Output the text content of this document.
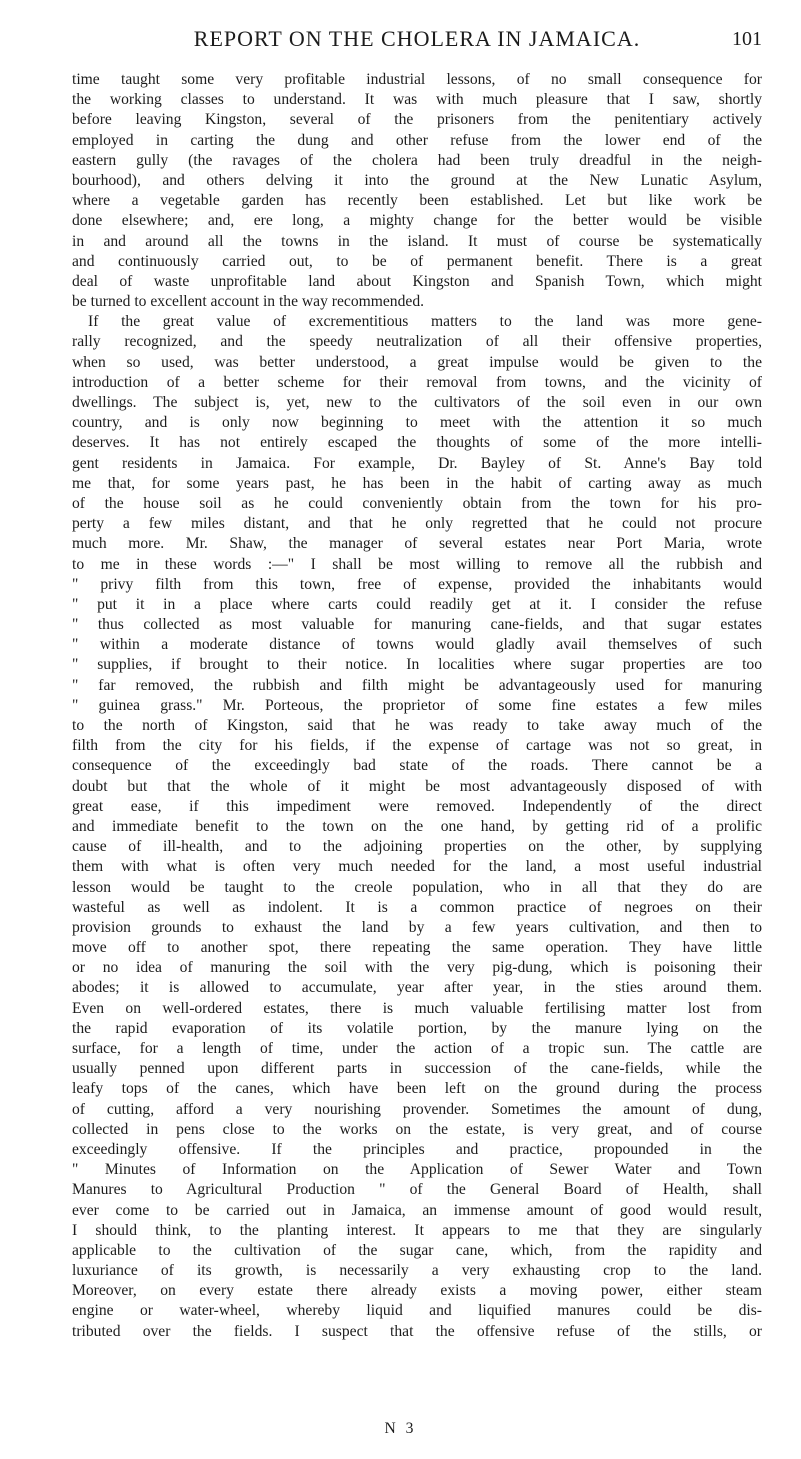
REPORT ON THE CHOLERA IN JAMAICA.	101
time taught some very profitable industrial lessons, of no small consequence for
the working classes to understand. It was with much pleasure that I saw, shortly
before leaving Kingston, several of the prisoners from the penitentiary actively
employed in carting the dung and other refuse from the lower end of the
eastern gully (the ravages of the cholera had been truly dreadful in the neigh-
bourhood), and others delving it into the ground at the New Lunatic Asylum,
where a vegetable garden has recently been established. Let but like work be
done elsewhere; and, ere long, a mighty change for the better would be visible
in and around all the towns in the island. It must of course be systematically
and continuously carried out, to be of permanent benefit. There is a great
deal of waste unprofitable land about Kingston and Spanish Town, which might
be turned to excellent account in the way recommended.
If the great value of excrementitious matters to the land was more gene-
rally recognized, and the speedy neutralization of all their offensive properties,
when so used, was better understood, a great impulse would be given to the
introduction of a better scheme for their removal from towns, and the vicinity of
dwellings. The subject is, yet, new to the cultivators of the soil even in our own
country, and is only now beginning to meet with the attention it so much
deserves. It has not entirely escaped the thoughts of some of the more intelli-
gent residents in Jamaica. For example, Dr. Bayley of St. Anne's Bay told
me that, for some years past, he has been in the habit of carting away as much
of the house soil as he could conveniently obtain from the town for his pro-
perty a few miles distant, and that he only regretted that he could not procure
much more. Mr. Shaw, the manager of several estates near Port Maria, wrote
to me in these words :—" I shall be most willing to remove all the rubbish and
" privy filth from this town, free of expense, provided the inhabitants would
" put it in a place where carts could readily get at it. I consider the refuse
" thus collected as most valuable for manuring cane-fields, and that sugar estates
" within a moderate distance of towns would gladly avail themselves of such
" supplies, if brought to their notice. In localities where sugar properties are too
" far removed, the rubbish and filth might be advantageously used for manuring
" guinea grass." Mr. Porteous, the proprietor of some fine estates a few miles
to the north of Kingston, said that he was ready to take away much of the
filth from the city for his fields, if the expense of cartage was not so great, in
consequence of the exceedingly bad state of the roads. There cannot be a
doubt but that the whole of it might be most advantageously disposed of with
great ease, if this impediment were removed. Independently of the direct
and immediate benefit to the town on the one hand, by getting rid of a prolific
cause of ill-health, and to the adjoining properties on the other, by supplying
them with what is often very much needed for the land, a most useful industrial
lesson would be taught to the creole population, who in all that they do are
wasteful as well as indolent. It is a common practice of negroes on their
provision grounds to exhaust the land by a few years cultivation, and then to
move off to another spot, there repeating the same operation. They have little
or no idea of manuring the soil with the very pig-dung, which is poisoning their
abodes; it is allowed to accumulate, year after year, in the sties around them.
Even on well-ordered estates, there is much valuable fertilising matter lost from
the rapid evaporation of its volatile portion, by the manure lying on the
surface, for a length of time, under the action of a tropic sun. The cattle are
usually penned upon different parts in succession of the cane-fields, while the
leafy tops of the canes, which have been left on the ground during the process
of cutting, afford a very nourishing provender. Sometimes the amount of dung,
collected in pens close to the works on the estate, is very great, and of course
exceedingly offensive. If the principles and practice, propounded in the
" Minutes of Information on the Application of Sewer Water and Town
Manures to Agricultural Production " of the General Board of Health, shall
ever come to be carried out in Jamaica, an immense amount of good would result,
I should think, to the planting interest. It appears to me that they are singularly
applicable to the cultivation of the sugar cane, which, from the rapidity and
luxuriance of its growth, is necessarily a very exhausting crop to the land.
Moreover, on every estate there already exists a moving power, either steam
engine or water-wheel, whereby liquid and liquified manures could be dis-
tributed over the fields. I suspect that the offensive refuse of the stills, or
N 3
